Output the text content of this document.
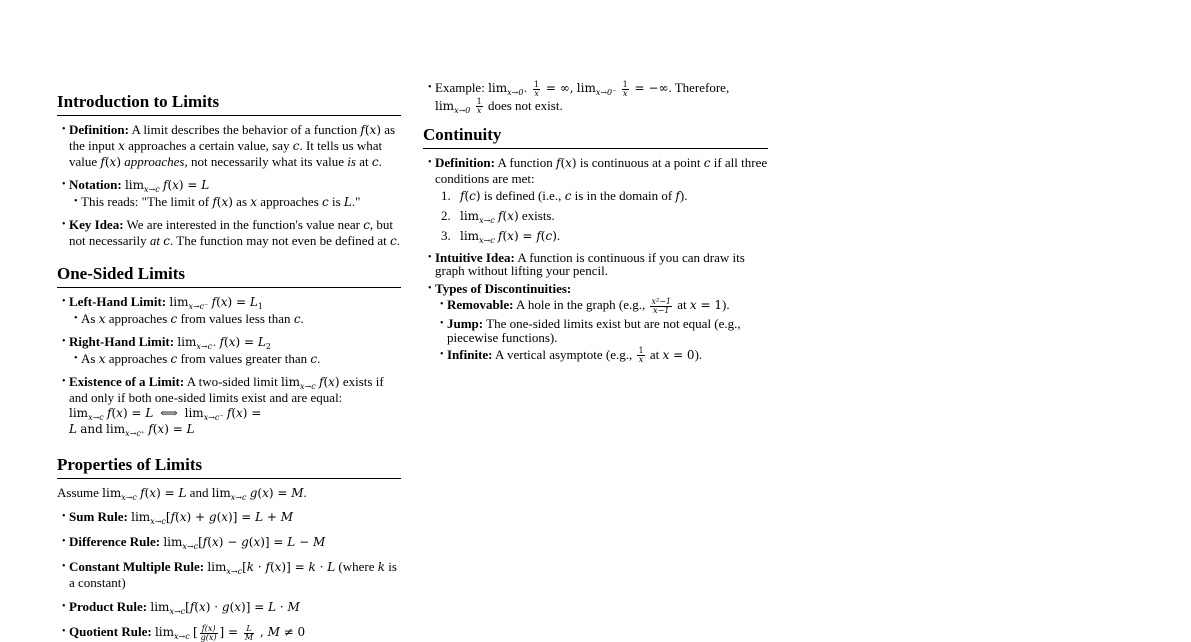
Introduction to Limits
• Definition: A limit describes the behavior of a function f(x) as the input x approaches a certain value, say c. It tells us what value f(x) approaches, not necessarily what its value is at c.
• Notation: $\lim_{x\to c} f(x) = L$
• This reads: "The limit of f(x) as x approaches c is L."
• Key Idea: We are interested in the function's value near c, but not necessarily at c. The function may not even be defined at c.
One-Sided Limits
• Left-Hand Limit: $\lim_{x\to c^-} f(x) = L_1$
• As x approaches c from values less than c.
• Right-Hand Limit: $\lim_{x\to c^+} f(x) = L_2$
• As x approaches c from values greater than c.
• Existence of a Limit: A two-sided limit $\lim_{x\to c} f(x)$ exists if and only if both one-sided limits exist and are equal:
$\lim_{x\to c} f(x) = L$  ⟺  $\lim_{x\to c^-} f(x)$ =
L and $\lim_{x\to c^+} f(x) = L$
Properties of Limits
Assume $\lim_{x\to c} f(x) = L$ and $\lim_{x\to c} g(x) = M$.
• Sum Rule: $\lim_{x\to c}[f(x) + g(x)] = L + M$
• Difference Rule: $\lim_{x\to c}[f(x) - g(x)] = L - M$
• Constant Multiple Rule: $\lim_{x\to c}[k \cdot f(x)] = k \cdot L$ (where k is a constant)
• Product Rule: $\lim_{x\to c}[f(x) \cdot g(x)] = L \cdot M$
• Quotient Rule: $\lim_{x\to c}$ [ $\frac{f(x)}{g(x)}$ ] = $\frac{L}{M}$ , M ≠ 0
• Example: $\lim_{x\to 0^+} \frac{1}{x}$ = ∞, $\lim_{x\to 0^-} \frac{1}{x}$ = −∞. Therefore,
$\lim_{x\to 0} \frac{1}{x}$ does not exist.
Continuity
• Definition: A function f(x) is continuous at a point c if all three conditions are met:
1. f(c) is defined (i.e., c is in the domain of f).
2. $\lim_{x\to c} f(x)$ exists.
3. $\lim_{x\to c} f(x) = f(c)$.
• Intuitive Idea: A function is continuous if you can draw its graph without lifting your pencil.
• Types of Discontinuities:
• Removable: A hole in the graph (e.g., $\frac{\text{x²−1}}{x-1}$ at x = 1).
• Jump: The one-sided limits exist but are not equal (e.g., piecewise functions).
• Infinite: A vertical asymptote (e.g., $\frac{1}{x}$ at x = 0).
